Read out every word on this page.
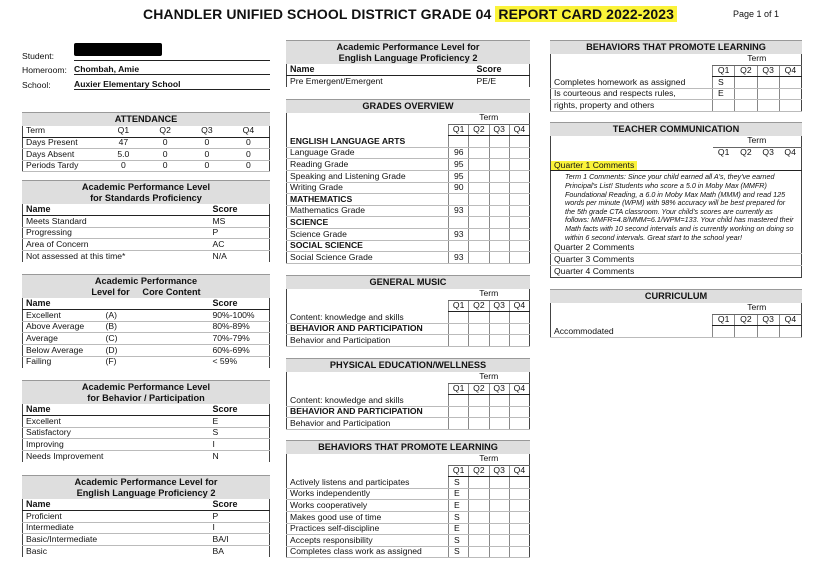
CHANDLER UNIFIED SCHOOL DISTRICT GRADE 04 REPORT CARD 2022-2023	Page 1 of 1
Student:
Homeroom: Chombah, Amie
School:	Auxier Elementary School
ATTENDANCE
Term	Q1	Q2	Q3	Q4
Days Present	47	0	0	0
Days Absent	5.0	0	0	0
Periods Tardy	0	0	0	0
Academic Performance Level
for Standards Proficiency
Name	Score
Meets Standard	MS
Progressing	P
Area of Concern	AC
Not assessed at this time*	N/A
Academic Performance
Level for     Core Content
Name		Score
Excellent	(A)	90%-100%
Above Average	(B)	80%-89%
Average	(C)	70%-79%
Below Average	(D)	60%-69%
Failing	(F)	< 59%
Academic Performance Level
for Behavior / Participation
Name	Score
Excellent	E
Satisfactory	S
Improving	I
Needs Improvement	N
Academic Performance Level for
English Language Proficiency 2
Name	Score
Proficient	P
Intermediate	I
Basic/Intermediate	BA/I
Basic	BA
Academic Performance Level for
English Language Proficiency 2
Name	Score
Pre Emergent/Emergent	PE/E
GRADES OVERVIEW
	Term			
	Q1	Q2	Q3	Q4
ENGLISH LANGUAGE ARTS				
Language Grade	96			
Reading Grade	95			
Speaking and Listening Grade	95			
Writing Grade	90			
MATHEMATICS				
Mathematics Grade	93			
SCIENCE				
Science Grade	93			
SOCIAL SCIENCE				
Social Science Grade	93			
GENERAL MUSIC
	Term			
	Q1	Q2	Q3	Q4
Content: knowledge and skills				
BEHAVIOR AND PARTICIPATION				
Behavior and Participation				
PHYSICAL EDUCATION/WELLNESS
	Term			
	Q1	Q2	Q3	Q4
Content: knowledge and skills				
BEHAVIOR AND PARTICIPATION				
Behavior and Participation				
BEHAVIORS THAT PROMOTE LEARNING
	Term			
	Q1	Q2	Q3	Q4
Actively listens and participates	S			
Works independently	E			
Works cooperatively	E			
Makes good use of time	S			
Practices self-discipline	E			
Accepts responsibility	S			
Completes class work as assigned	S			
BEHAVIORS THAT PROMOTE LEARNING
	Term			
	Q1	Q2	Q3	Q4
Completes homework as assigned	S			
Is courteous and respects rules,	E			
rights, property and others				
TEACHER COMMUNICATION
	Term			
	Q1	Q2	Q3	Q4
Quarter 1 Comments				

Term 1 Comments: Since your child earned all A's, they've earned Principal's List! Students who score a 5.0 in Moby Max (MMFR) Foundational Reading, a 6.0 in Moby Max Math (MMM) and read 125 words per minute (WPM) with 98% accuracy will be best prepared for the 5th grade CTA classroom. Your child's scores are currently as follows: MMFR=4.8/MMM=6.1/WPM=133. Your child has mastered their Math facts with 10 second intervals and is currently working on doing so within 6 second intervals. Great start to the school year!				

Quarter 2 Comments				
Quarter 3 Comments				
Quarter 4 Comments				
CURRICULUM
	Term			
	Q1	Q2	Q3	Q4
Accommodated				
